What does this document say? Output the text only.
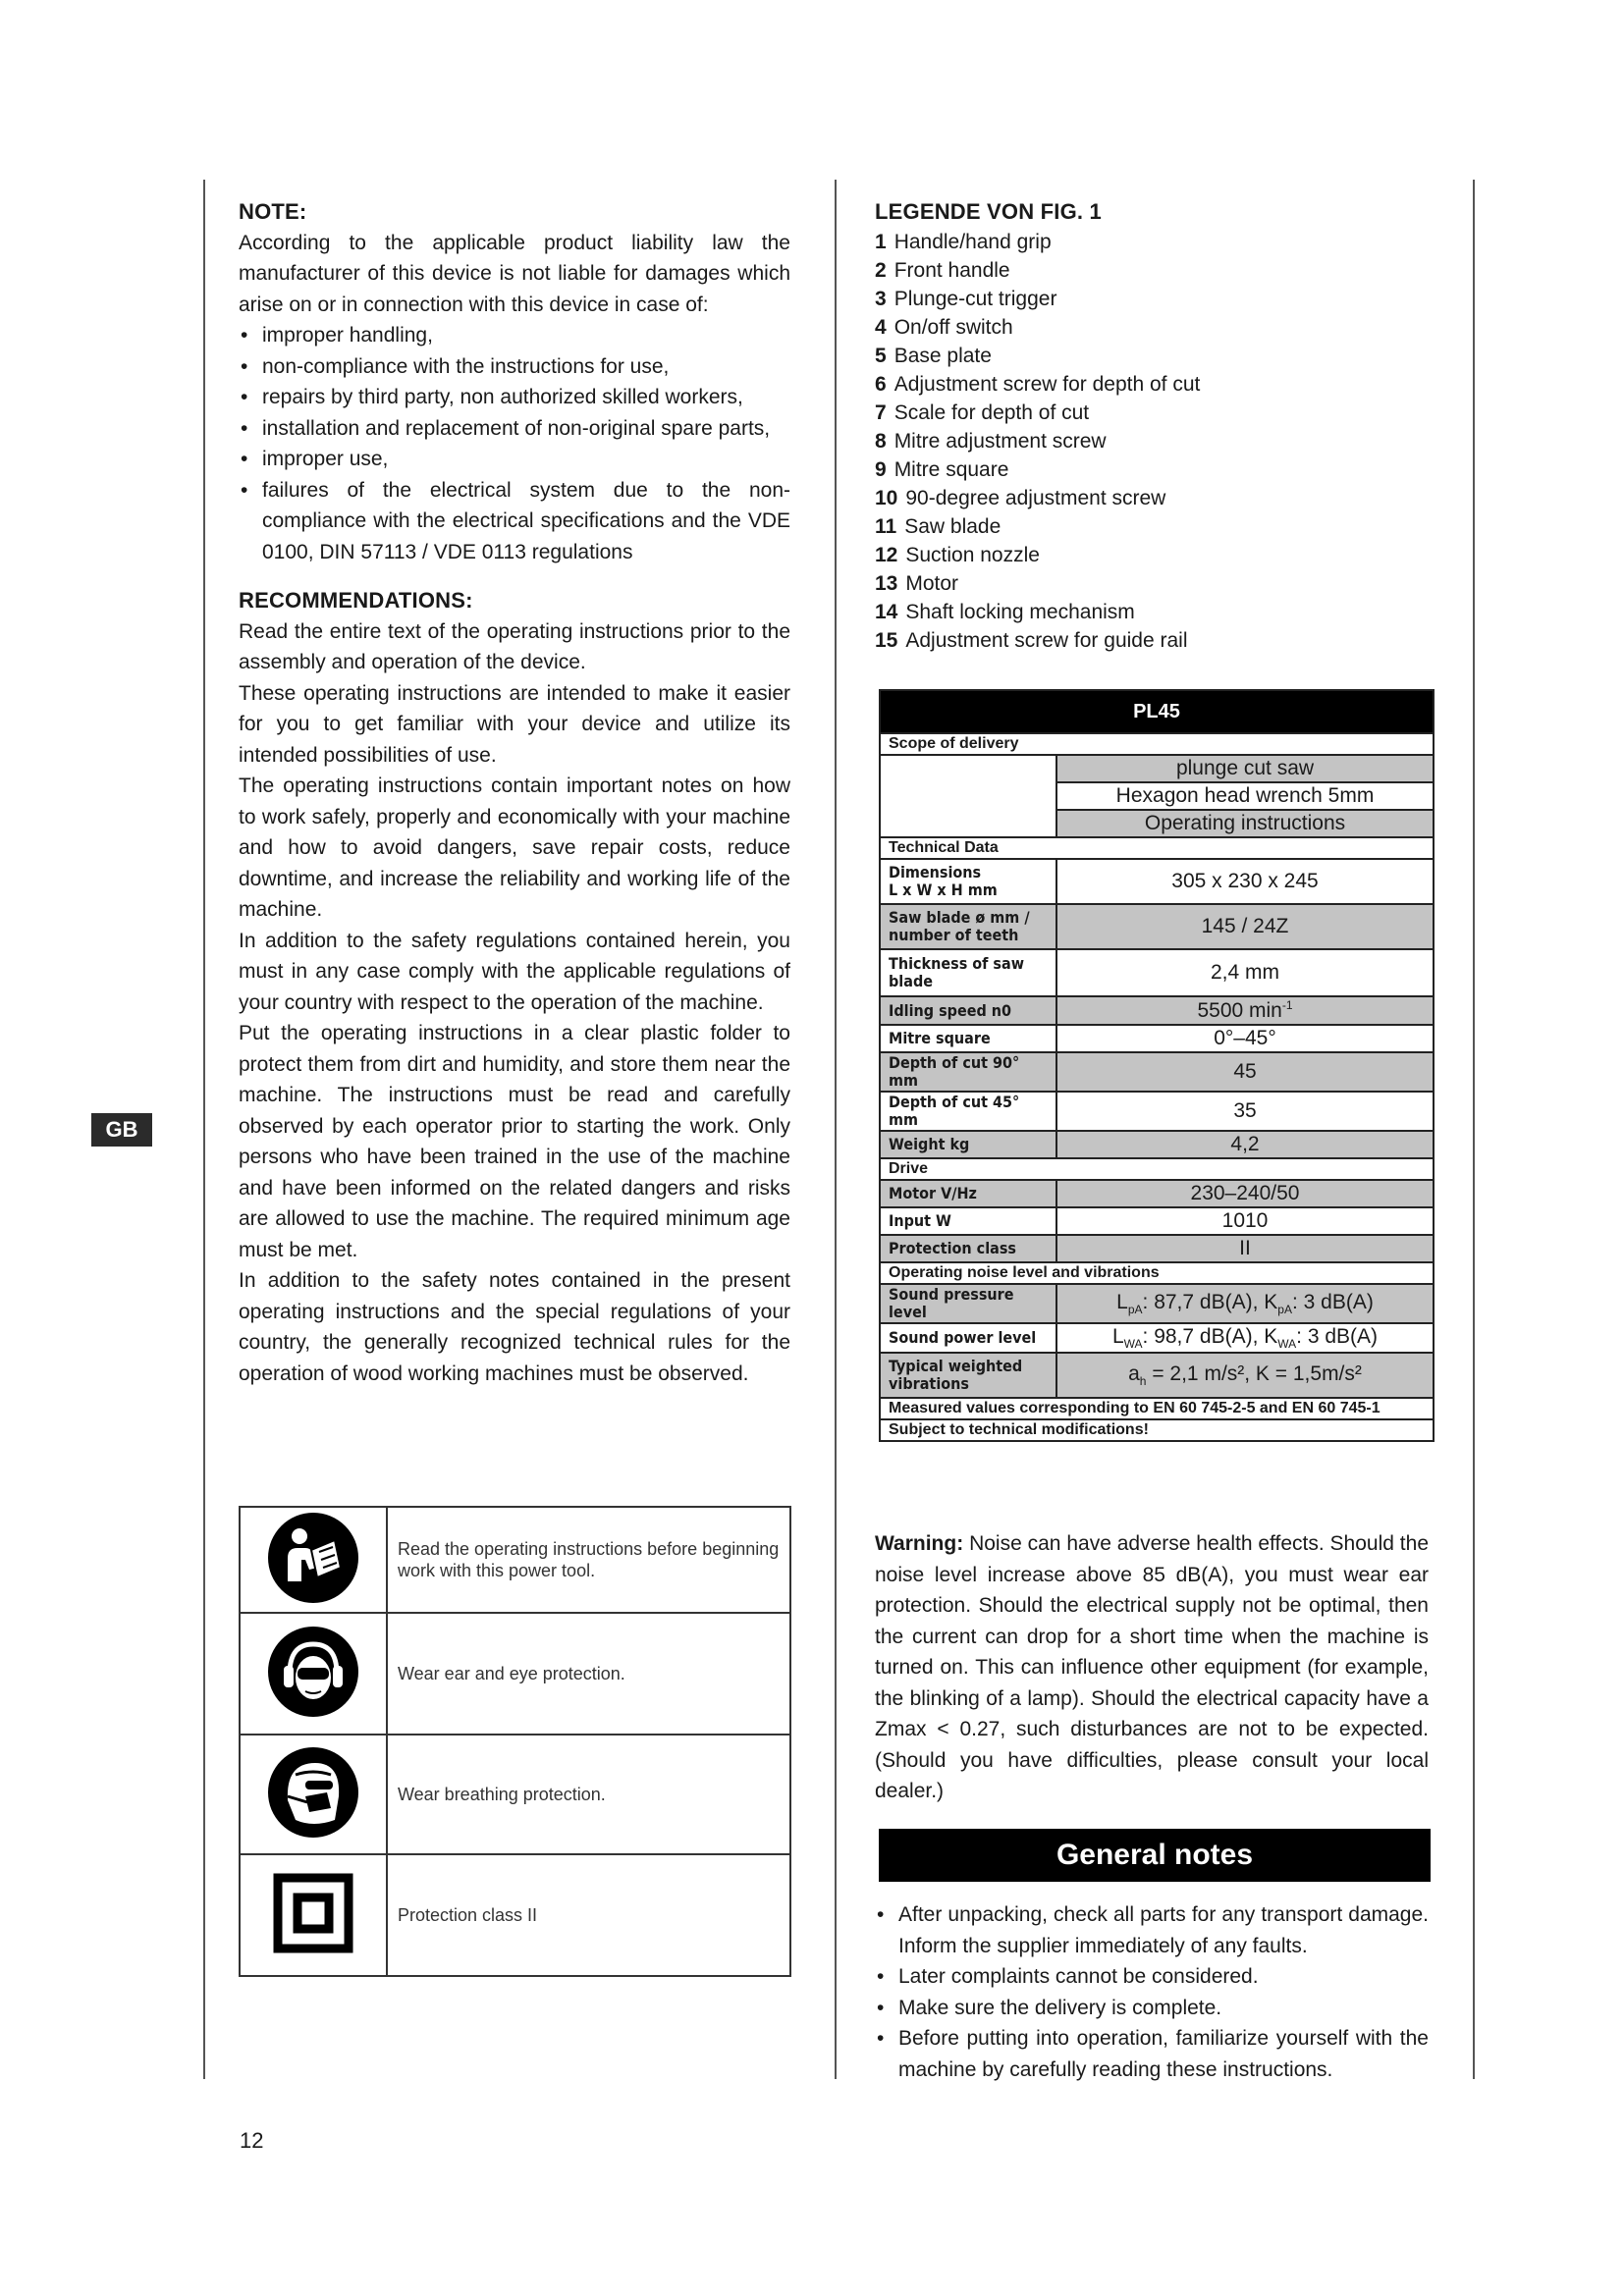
GB

NOTE:

According to the applicable product liability law the manufacturer of this device is not liable for damages which arise on or in connection with this device in case of:

• improper handling,
• non-compliance with the instructions for use,
• repairs by third party, non authorized skilled workers,
• installation and replacement of non-original spare parts,
• improper use,
• failures of the electrical system due to the non-compliance with the electrical specifications and the VDE 0100, DIN 57113 / VDE 0113 regulations

RECOMMENDATIONS:

Read the entire text of the operating instructions prior to the assembly and operation of the device.

These operating instructions are intended to make it easier for you to get familiar with your device and utilize its intended possibilities of use.

The operating instructions contain important notes on how to work safely, properly and economically with your machine and how to avoid dangers, save repair costs, reduce downtime, and increase the reliability and working life of the machine.

In addition to the safety regulations contained herein, you must in any case comply with the applicable regulations of your country with respect to the operation of the machine.

Put the operating instructions in a clear plastic folder to protect them from dirt and humidity, and store them near the machine. The instructions must be read and carefully observed by each operator prior to starting the work. Only persons who have been trained in the use of the machine and have been informed on the related dangers and risks are allowed to use the machine. The required minimum age must be met.

In addition to the safety notes contained in the present operating instructions and the special regulations of your country, the generally recognized technical rules for the operation of wood working machines must be observed.

	Read the operating instructions before beginning work with this power tool.
	Wear ear and eye protection.
	Wear breathing protection.
	Protection class II

LEGENDE VON FIG. 1

1 Handle/hand grip
2 Front handle
3 Plunge-cut trigger
4 On/off switch
5 Base plate
6 Adjustment screw for depth of cut
7 Scale for depth of cut
8 Mitre adjustment screw
9 Mitre square
10 90-degree adjustment screw
11 Saw blade
12 Suction nozzle
13 Motor
14 Shaft locking mechanism
15 Adjustment screw for guide rail
PL45	
Scope of delivery	
	plunge cut saw
	Hexagon head wrench 5mm
	Operating instructions
Technical Data	
Dimensions
L x W x H mm	305 x 230 x 245
Saw blade ø mm /
number of teeth	145 / 24Z
Thickness of saw
blade	2,4 mm
Idling speed n0	5500 $\min^{-1}$
Mitre square	0°–45°
Depth of cut 90° mm	45
Depth of cut 45° mm	35
Weight kg	4,2
Drive	
Motor V/Hz	230–240/50
Input W	1010
Protection class	II
Operating noise level and vibrations	
Sound pressure level	$L_{pA}$: 87,7 dB(A), $K_{pA}$: 3 dB(A)
Sound power level	$L_{WA}$: 98,7 dB(A), $K_{WA}$: 3 dB(A)
Typical weighted
vibrations	$a_h = 2,1$ m/s², K = 1,5m/s²
Measured values corresponding to EN 60 745-2-5 and EN 60 745-1	
Subject to technical modifications!	

Warning: Noise can have adverse health effects. Should the noise level increase above 85 dB(A), you must wear ear protection. Should the electrical supply not be optimal, then the current can drop for a short time when the machine is turned on. This can influence other equipment (for example, the blinking of a lamp). Should the electrical capacity have a Zmax < 0.27, such disturbances are not to be expected. (Should you have difficulties, please consult your local dealer.)

General notes
• After unpacking, check all parts for any transport damage. Inform the supplier immediately of any faults.
• Later complaints cannot be considered.
• Make sure the delivery is complete.
• Before putting into operation, familiarize yourself with the machine by carefully reading these instructions.
12
